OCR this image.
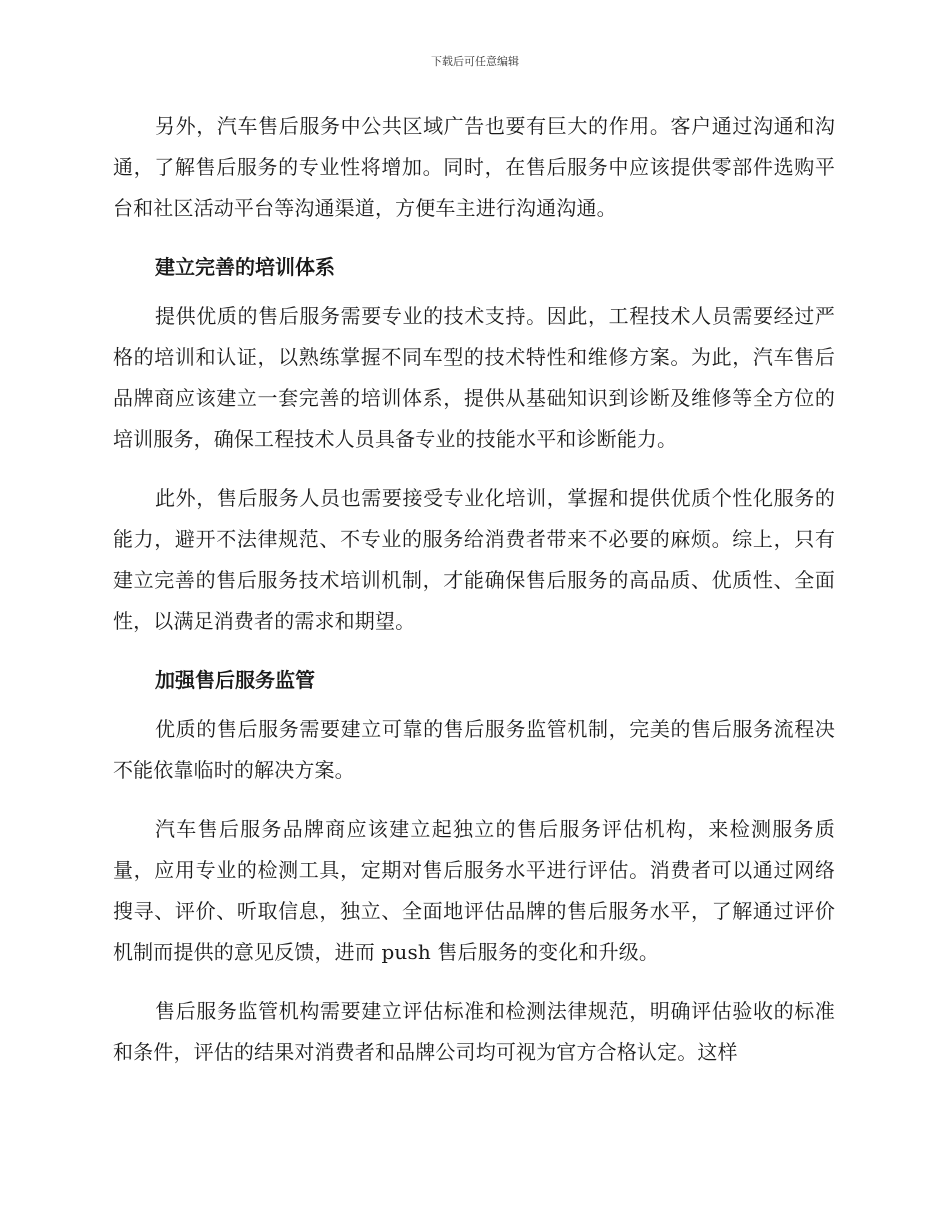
下载后可任意编辑

另外，汽车售后服务中公共区域广告也要有巨大的作用。客户通过沟通和沟通，了解售后服务的专业性将增加。同时，在售后服务中应该提供零部件选购平台和社区活动平台等沟通渠道，方便车主进行沟通沟通。

建立完善的培训体系

提供优质的售后服务需要专业的技术支持。因此，工程技术人员需要经过严格的培训和认证，以熟练掌握不同车型的技术特性和维修方案。为此，汽车售后品牌商应该建立一套完善的培训体系，提供从基础知识到诊断及维修等全方位的培训服务，确保工程技术人员具备专业的技能水平和诊断能力。

此外，售后服务人员也需要接受专业化培训，掌握和提供优质个性化服务的能力，避开不法律规范、不专业的服务给消费者带来不必要的麻烦。综上，只有建立完善的售后服务技术培训机制，才能确保售后服务的高品质、优质性、全面性，以满足消费者的需求和期望。

加强售后服务监管

优质的售后服务需要建立可靠的售后服务监管机制，完美的售后服务流程决不能依靠临时的解决方案。

汽车售后服务品牌商应该建立起独立的售后服务评估机构，来检测服务质量，应用专业的检测工具，定期对售后服务水平进行评估。消费者可以通过网络搜寻、评价、听取信息，独立、全面地评估品牌的售后服务水平，了解通过评价机制而提供的意见反馈，进而 push 售后服务的变化和升级。

售后服务监管机构需要建立评估标准和检测法律规范，明确评估验收的标准和条件，评估的结果对消费者和品牌公司均可视为官方合格认定。这样
